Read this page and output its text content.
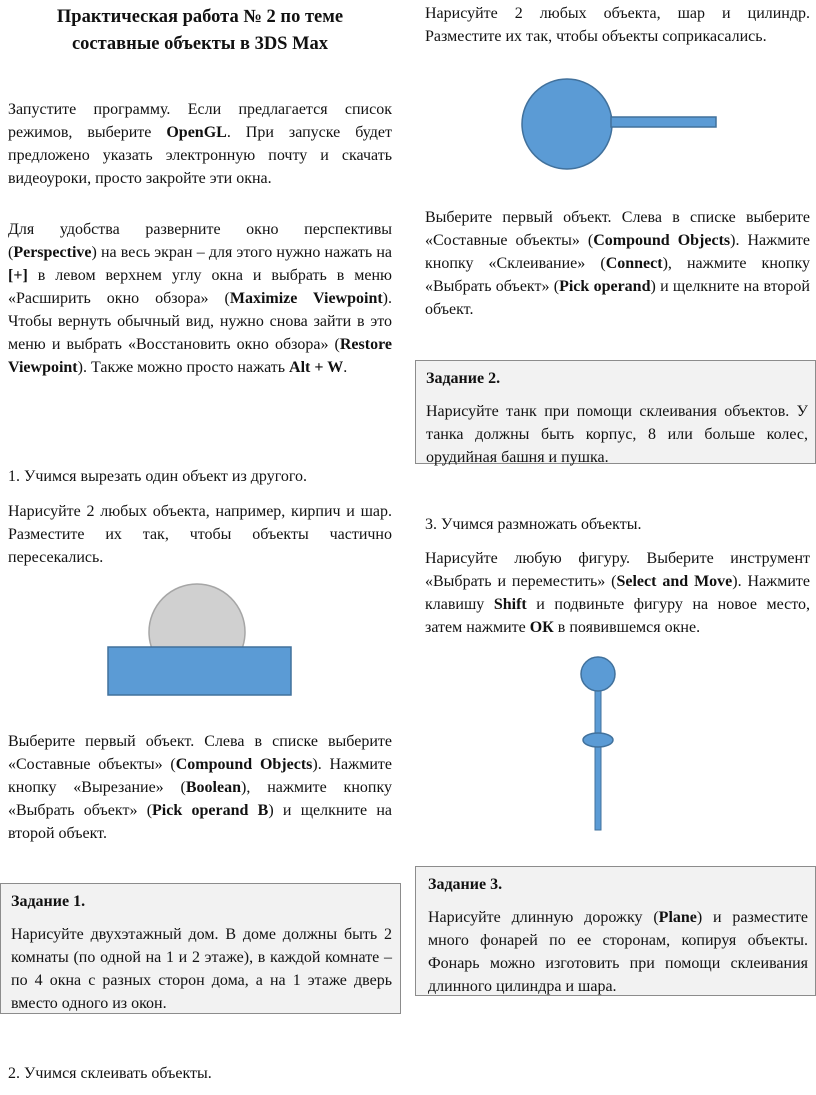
Практическая работа № 2 по теме
составные объекты в 3DS Max

Запустите программу. Если предлагается список режимов, выберите OpenGL. При запуске будет предложено указать электронную почту и скачать видеоуроки, просто закройте эти окна.

Для удобства разверните окно перспективы (Perspective) на весь экран – для этого нужно нажать на [+] в левом верхнем углу окна и выбрать в меню «Расширить окно обзора» (Maximize Viewpoint). Чтобы вернуть обычный вид, нужно снова зайти в это меню и выбрать «Восстановить окно обзора» (Restore Viewpoint). Также можно просто нажать Alt + W.

1. Учимся вырезать один объект из другого.

Нарисуйте 2 любых объекта, например, кирпич и шар. Разместите их так, чтобы объекты частично пересекались.

Выберите первый объект. Слева в списке выберите «Составные объекты» (Compound Objects). Нажмите кнопку «Вырезание» (Boolean), нажмите кнопку «Выбрать объект» (Pick operand B) и щелкните на второй объект.

Задание 1.

Нарисуйте двухэтажный дом. В доме должны быть 2 комнаты (по одной на 1 и 2 этаже), в каждой комнате – по 4 окна с разных сторон дома, а на 1 этаже дверь вместо одного из окон.

2. Учимся склеивать объекты.

Нарисуйте 2 любых объекта, шар и цилиндр. Разместите их так, чтобы объекты соприкасались.

Выберите первый объект. Слева в списке выберите «Составные объекты» (Compound Objects). Нажмите кнопку «Склеивание» (Connect), нажмите кнопку «Выбрать объект» (Pick operand) и щелкните на второй объект.

Задание 2.

Нарисуйте танк при помощи склеивания объектов. У танка должны быть корпус, 8 или больше колес, орудийная башня и пушка.

3. Учимся размножать объекты.

Нарисуйте любую фигуру. Выберите инструмент «Выбрать и переместить» (Select and Move). Нажмите клавишу Shift и подвиньте фигуру на новое место, затем нажмите ОК в появившемся окне.

Задание 3.

Нарисуйте длинную дорожку (Plane) и разместите много фонарей по ее сторонам, копируя объекты. Фонарь можно изготовить при помощи склеивания длинного цилиндра и шара.
